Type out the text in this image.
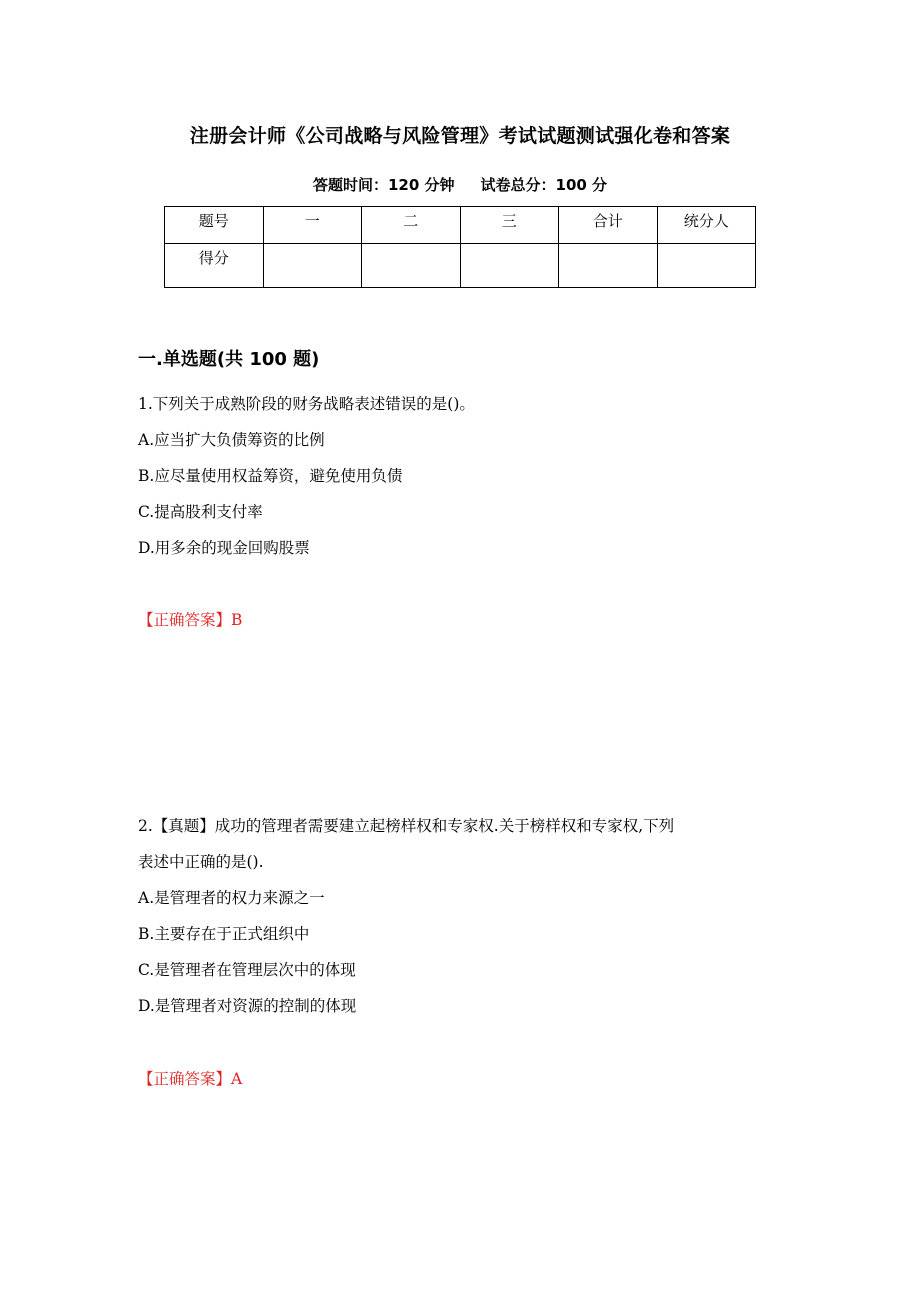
注册会计师《公司战略与风险管理》考试试题测试强化卷和答案
答题时间：120 分钟 试卷总分：100 分
题号	一	二	三	合计	统分人
得分					
一.单选题(共 100 题)
1.下列关于成熟阶段的财务战略表述错误的是()。
A.应当扩大负债筹资的比例
B.应尽量使用权益筹资，避免使用负债
C.提高股利支付率
D.用多余的现金回购股票
【正确答案】B
2.【真题】成功的管理者需要建立起榜样权和专家权.关于榜样权和专家权,下列
表述中正确的是().
A.是管理者的权力来源之一
B.主要存在于正式组织中
C.是管理者在管理层次中的体现
D.是管理者对资源的控制的体现
【正确答案】A
